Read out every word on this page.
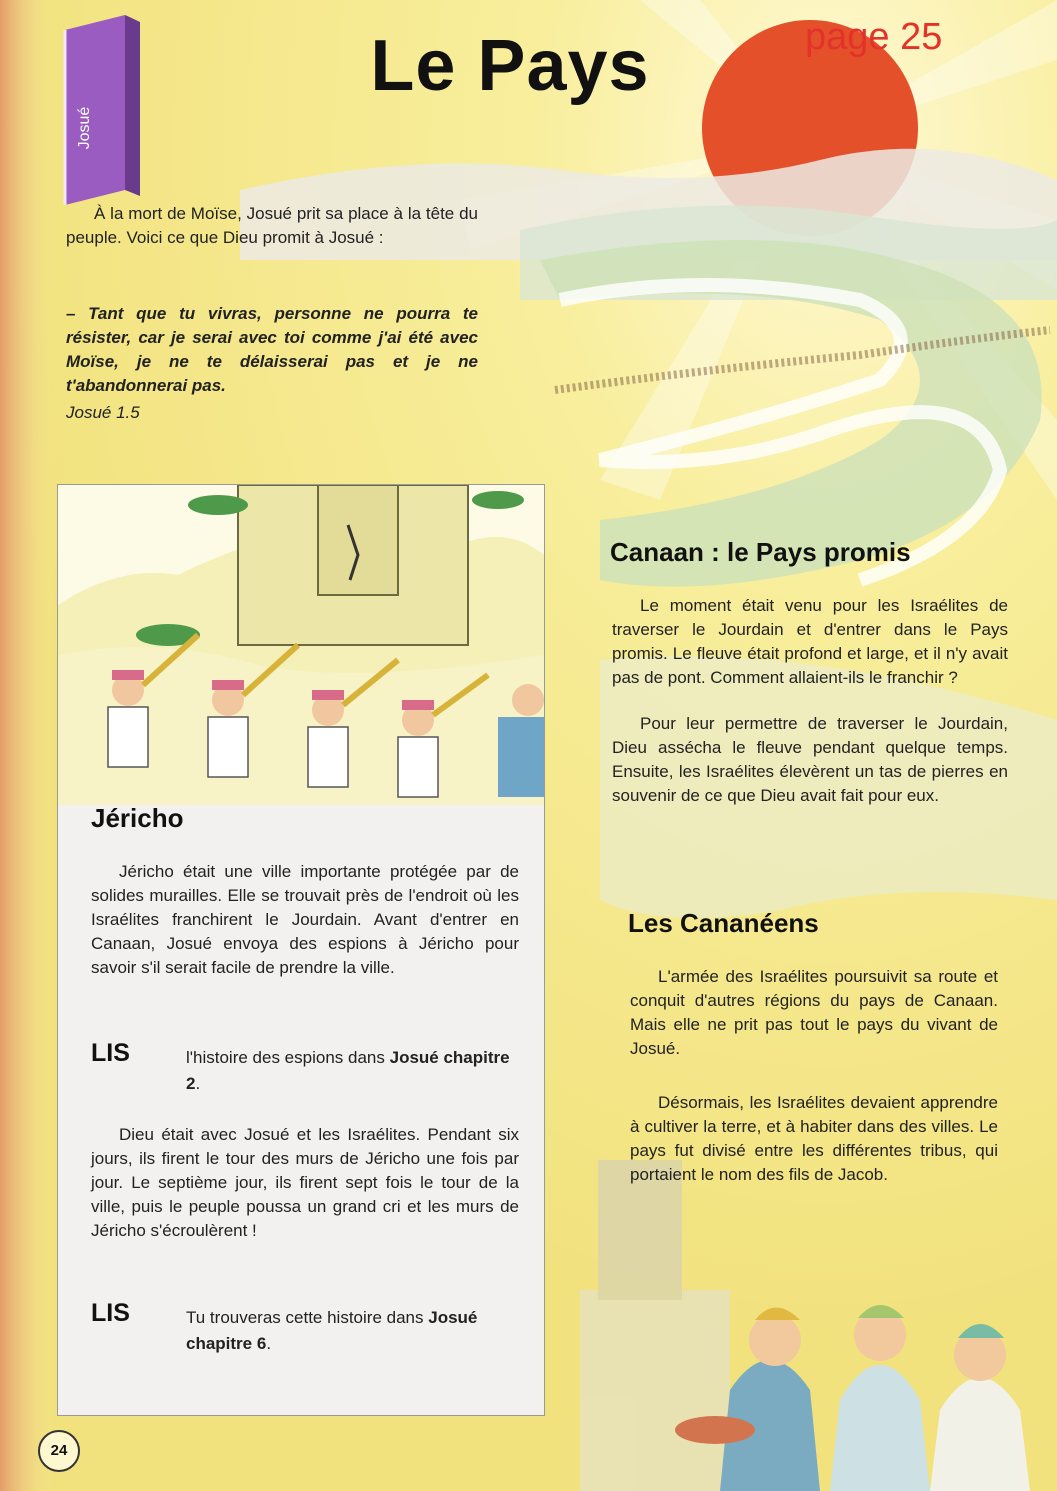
Josué
Le Pays	page 25

À la mort de Moïse, Josué prit sa place à la tête du peuple. Voici ce que Dieu promit à Josué :

– Tant que tu vivras, personne ne pourra te résister, car je serai avec toi comme j'ai été avec Moïse, je ne te délaisserai pas et je ne t'abandonnerai pas.
Josué 1.5
Jéricho

Jéricho était une ville importante protégée par de solides murailles. Elle se trouvait près de l'endroit où les Israélites franchirent le Jourdain. Avant d'entrer en Canaan, Josué envoya des espions à Jéricho pour savoir s'il serait facile de prendre la ville.

LIS	l'histoire des espions dans Josué chapitre 2.

Dieu était avec Josué et les Israélites. Pendant six jours, ils firent le tour des murs de Jéricho une fois par jour. Le septième jour, ils firent sept fois le tour de la ville, puis le peuple poussa un grand cri et les murs de Jéricho s'écroulèrent !

LIS	Tu trouveras cette histoire dans Josué chapitre 6.
Canaan : le Pays promis

Le moment était venu pour les Israélites de traverser le Jourdain et d'entrer dans le Pays promis. Le fleuve était profond et large, et il n'y avait pas de pont. Comment allaient-ils le franchir ?

Pour leur permettre de traverser le Jourdain, Dieu assécha le fleuve pendant quelque temps. Ensuite, les Israélites élevèrent un tas de pierres en souvenir de ce que Dieu avait fait pour eux.

Les Cananéens

L'armée des Israélites poursuivit sa route et conquit d'autres régions du pays de Canaan. Mais elle ne prit pas tout le pays du vivant de Josué.

Désormais, les Israélites devaient apprendre à cultiver la terre, et à habiter dans des villes. Le pays fut divisé entre les différentes tribus, qui portaient le nom des fils de Jacob.

24
